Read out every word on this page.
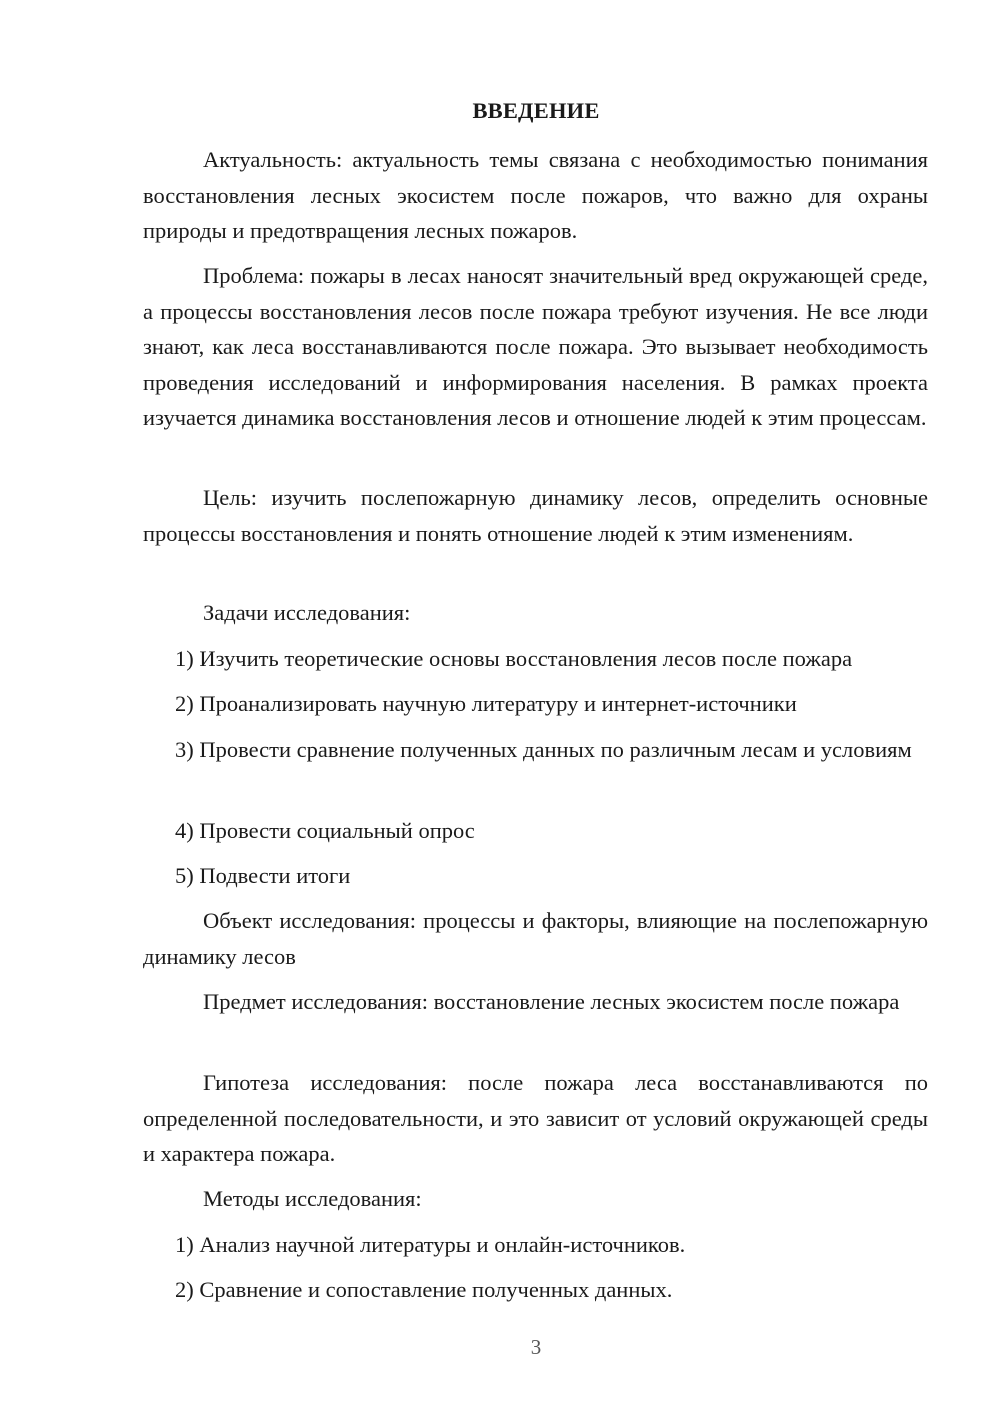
ВВЕДЕНИЕ
Актуальность: актуальность темы связана с необходимостью понимания восстановления лесных экосистем после пожаров, что важно для охраны природы и предотвращения лесных пожаров.
Проблема: пожары в лесах наносят значительный вред окружающей среде, а процессы восстановления лесов после пожара требуют изучения. Не все люди знают, как леса восстанавливаются после пожара. Это вызывает необходимость проведения исследований и информирования населения. В рамках проекта изучается динамика восстановления лесов и отношение людей к этим процессам.
Цель: изучить послепожарную динамику лесов, определить основные процессы восстановления и понять отношение людей к этим изменениям.
Задачи исследования:
1) Изучить теоретические основы восстановления лесов после пожара
2) Проанализировать научную литературу и интернет-источники
3) Провести сравнение полученных данных по различным лесам и условиям
4) Провести социальный опрос
5) Подвести итоги
Объект исследования: процессы и факторы, влияющие на послепожарную динамику лесов
Предмет исследования: восстановление лесных экосистем после пожара
Гипотеза исследования: после пожара леса восстанавливаются по определенной последовательности, и это зависит от условий окружающей среды и характера пожара.
Методы исследования:
1) Анализ научной литературы и онлайн-источников.
2) Сравнение и сопоставление полученных данных.
3
